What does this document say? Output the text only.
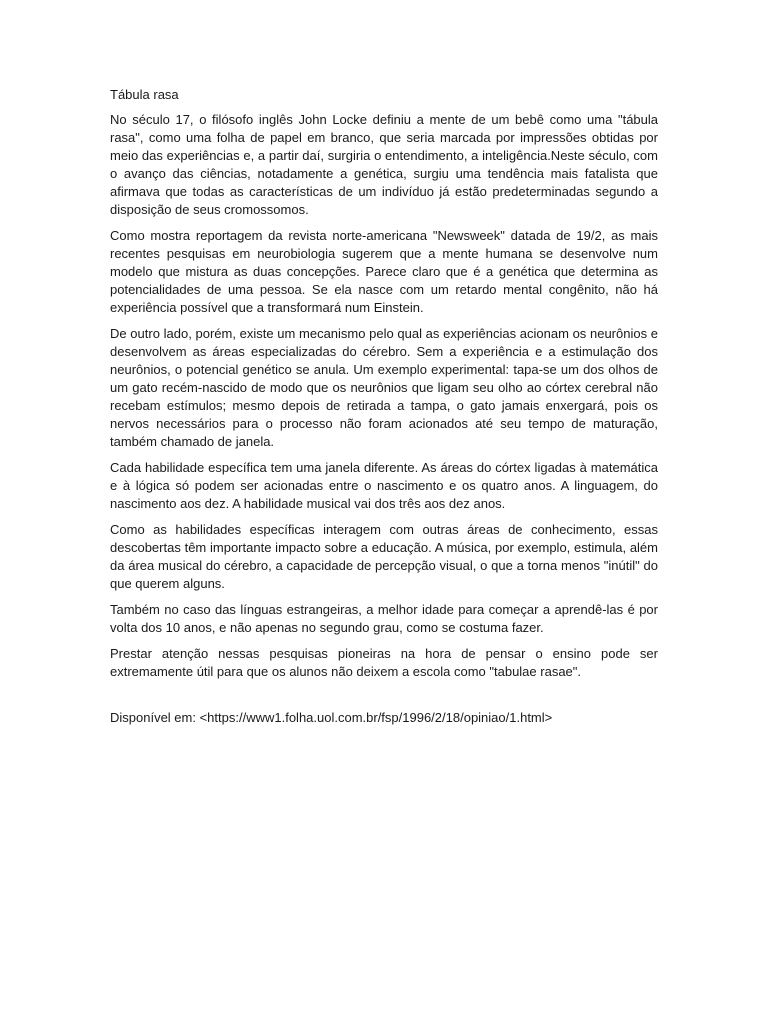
Tábula rasa

No século 17, o filósofo inglês John Locke definiu a mente de um bebê como uma "tábula rasa", como uma folha de papel em branco, que seria marcada por impressões obtidas por meio das experiências e, a partir daí, surgiria o entendimento, a inteligência.Neste século, com o avanço das ciências, notadamente a genética, surgiu uma tendência mais fatalista que afirmava que todas as características de um indivíduo já estão predeterminadas segundo a disposição de seus cromossomos.

Como mostra reportagem da revista norte-americana "Newsweek" datada de 19/2, as mais recentes pesquisas em neurobiologia sugerem que a mente humana se desenvolve num modelo que mistura as duas concepções. Parece claro que é a genética que determina as potencialidades de uma pessoa. Se ela nasce com um retardo mental congênito, não há experiência possível que a transformará num Einstein.

De outro lado, porém, existe um mecanismo pelo qual as experiências acionam os neurônios e desenvolvem as áreas especializadas do cérebro. Sem a experiência e a estimulação dos neurônios, o potencial genético se anula. Um exemplo experimental: tapa-se um dos olhos de um gato recém-nascido de modo que os neurônios que ligam seu olho ao córtex cerebral não recebam estímulos; mesmo depois de retirada a tampa, o gato jamais enxergará, pois os nervos necessários para o processo não foram acionados até seu tempo de maturação, também chamado de janela.

Cada habilidade específica tem uma janela diferente. As áreas do córtex ligadas à matemática e à lógica só podem ser acionadas entre o nascimento e os quatro anos. A linguagem, do nascimento aos dez. A habilidade musical vai dos três aos dez anos.

Como as habilidades específicas interagem com outras áreas de conhecimento, essas descobertas têm importante impacto sobre a educação. A música, por exemplo, estimula, além da área musical do cérebro, a capacidade de percepção visual, o que a torna menos "inútil" do que querem alguns.

Também no caso das línguas estrangeiras, a melhor idade para começar a aprendê-las é por volta dos 10 anos, e não apenas no segundo grau, como se costuma fazer.

Prestar atenção nessas pesquisas pioneiras na hora de pensar o ensino pode ser extremamente útil para que os alunos não deixem a escola como "tabulae rasae".

Disponível em: <https://www1.folha.uol.com.br/fsp/1996/2/18/opiniao/1.html>
